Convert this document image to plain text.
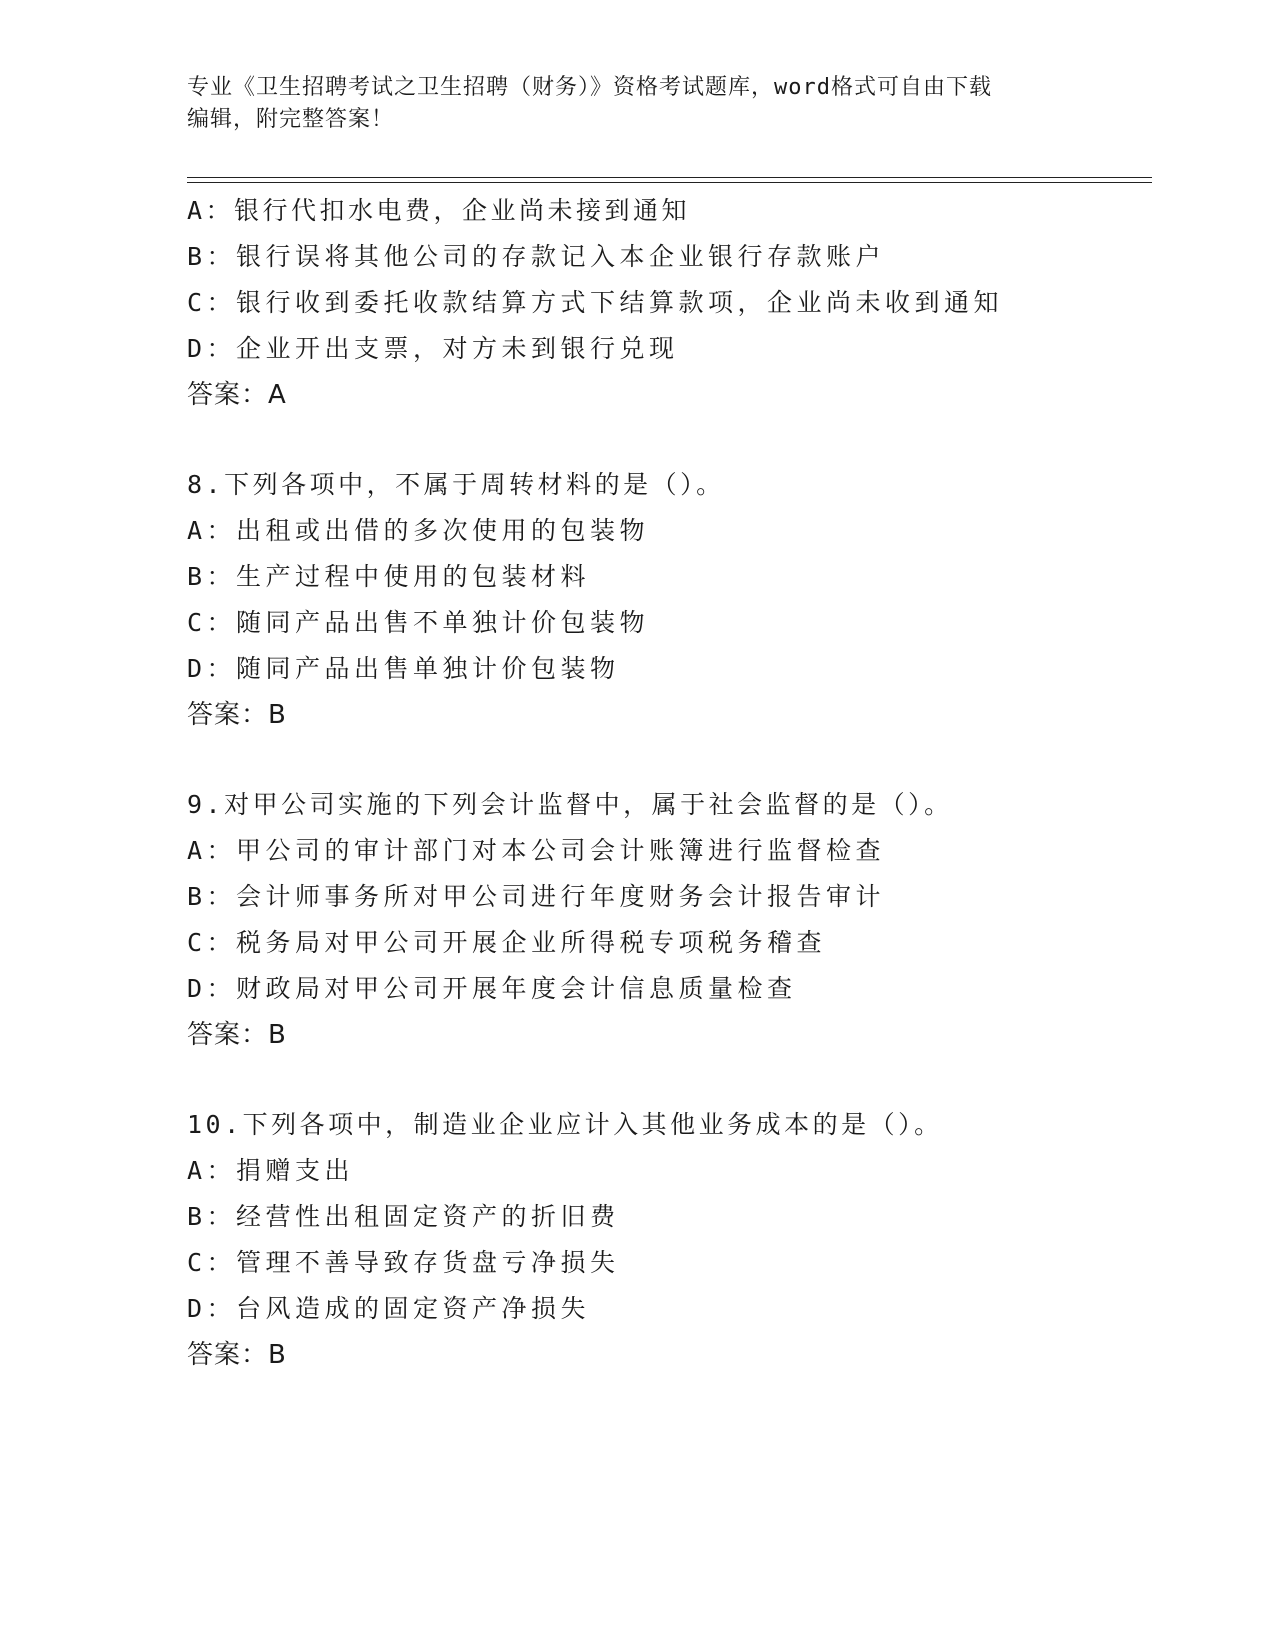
专业《卫生招聘考试之卫生招聘（财务）》资格考试题库，word格式可自由下载
编辑，附完整答案！
A：银行代扣水电费，企业尚未接到通知
B：银行误将其他公司的存款记入本企业银行存款账户
C：银行收到委托收款结算方式下结算款项，企业尚未收到通知
D：企业开出支票，对方未到银行兑现
答案：A
8.下列各项中，不属于周转材料的是（）。
A：出租或出借的多次使用的包装物
B：生产过程中使用的包装材料
C：随同产品出售不单独计价包装物
D：随同产品出售单独计价包装物
答案：B
9.对甲公司实施的下列会计监督中，属于社会监督的是（）。
A：甲公司的审计部门对本公司会计账簿进行监督检查
B：会计师事务所对甲公司进行年度财务会计报告审计
C：税务局对甲公司开展企业所得税专项税务稽查
D：财政局对甲公司开展年度会计信息质量检查
答案：B
10.下列各项中，制造业企业应计入其他业务成本的是（）。
A：捐赠支出
B：经营性出租固定资产的折旧费
C：管理不善导致存货盘亏净损失
D：台风造成的固定资产净损失
答案：B
